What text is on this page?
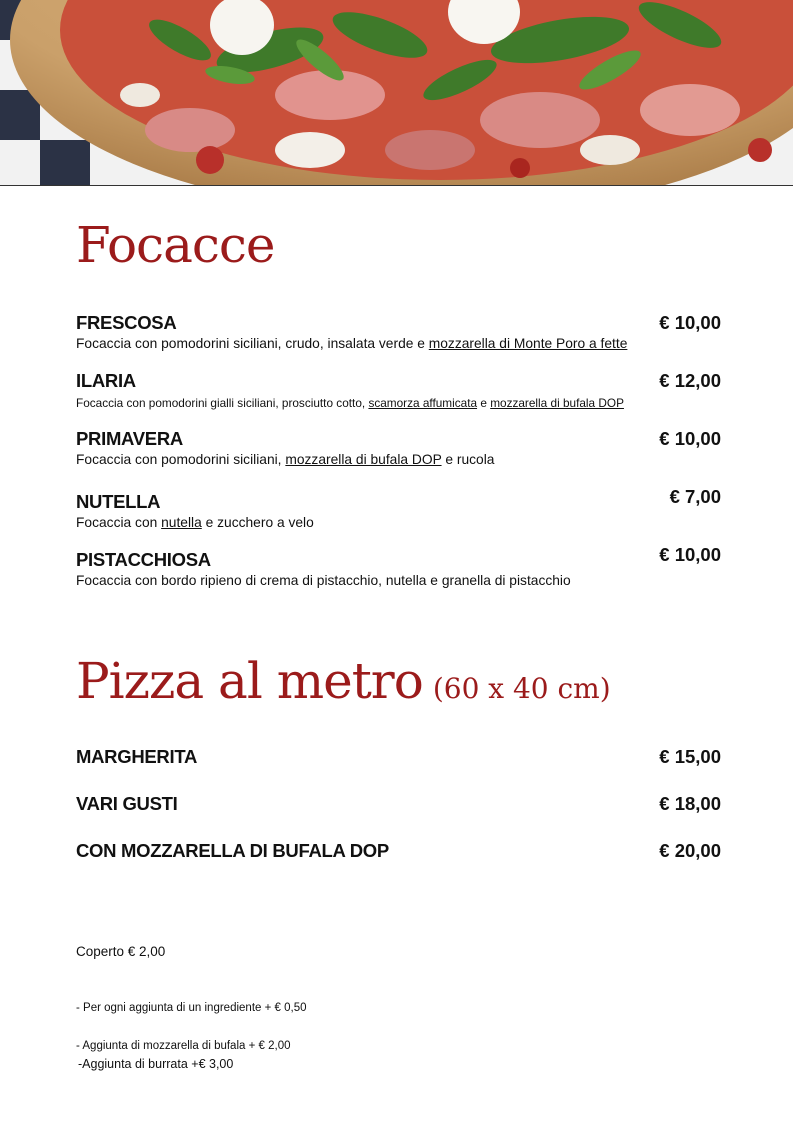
Focacce
FRESCOSA	€ 10,00
Focaccia con pomodorini siciliani, crudo, insalata verde e mozzarella di Monte Poro a fette
ILARIA	€ 12,00
Focaccia con pomodorini gialli siciliani, prosciutto cotto, scamorza affumicata e mozzarella di bufala DOP
PRIMAVERA	€ 10,00
Focaccia con pomodorini siciliani, mozzarella di bufala DOP e rucola
NUTELLA	€ 7,00
Focaccia con nutella e zucchero a velo
PISTACCHIOSA	€ 10,00
Focaccia con bordo ripieno di crema di pistacchio, nutella e granella di pistacchio
Pizza al metro (60 x 40 cm)
MARGHERITA	€ 15,00
VARI GUSTI	€ 18,00
CON MOZZARELLA DI BUFALA DOP	€ 20,00
Coperto € 2,00
- Per ogni aggiunta di un ingrediente + € 0,50
- Aggiunta di mozzarella di bufala + € 2,00
-Aggiunta di burrata +€ 3,00
